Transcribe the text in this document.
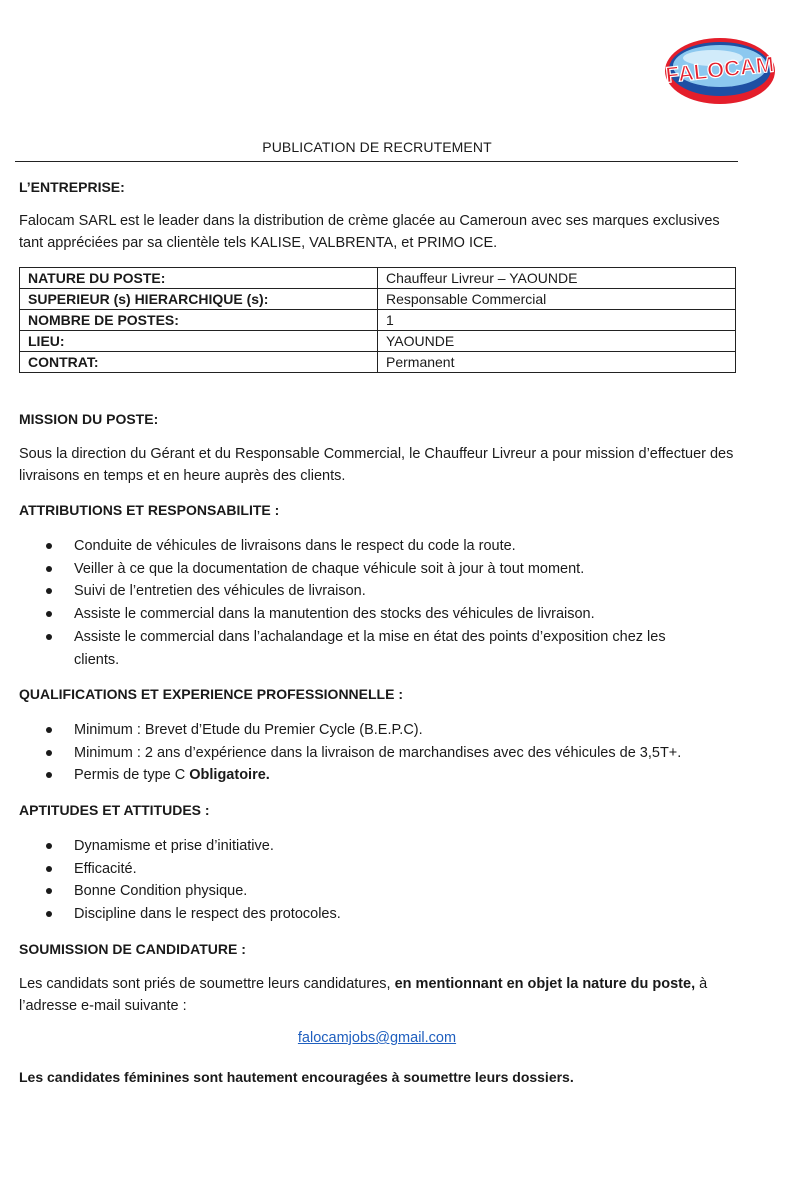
FALOCAM
PUBLICATION DE RECRUTEMENT
L’ENTREPRISE:
Falocam SARL est le leader dans la distribution de crème glacée au Cameroun avec ses marques exclusives tant appréciées par sa clientèle tels KALISE, VALBRENTA, et PRIMO ICE.
NATURE DU POSTE:	Chauffeur Livreur – YAOUNDE
SUPERIEUR (s) HIERARCHIQUE (s):	Responsable Commercial
NOMBRE DE POSTES:	1
LIEU:	YAOUNDE
CONTRAT:	Permanent
MISSION DU POSTE:
Sous la direction du Gérant et du Responsable Commercial, le Chauffeur Livreur a pour mission d’effectuer des livraisons en temps et en heure auprès des clients.
ATTRIBUTIONS ET RESPONSABILITE :
Conduite de véhicules de livraisons dans le respect du code la route.
Veiller à ce que la documentation de chaque véhicule soit à jour à tout moment.
Suivi de l’entretien des véhicules de livraison.
Assiste le commercial dans la manutention des stocks des véhicules de livraison.
Assiste le commercial dans l’achalandage et la mise en état des points d’exposition chez les clients.
QUALIFICATIONS ET EXPERIENCE PROFESSIONNELLE :
Minimum : Brevet d’Etude du Premier Cycle (B.E.P.C).
Minimum : 2 ans d’expérience dans la livraison de marchandises avec des véhicules de 3,5T+.
Permis de type C Obligatoire.
APTITUDES ET ATTITUDES :
Dynamisme et prise d’initiative.
Efficacité.
Bonne Condition physique.
Discipline dans le respect des protocoles.
SOUMISSION DE CANDIDATURE :
Les candidats sont priés de soumettre leurs candidatures, en mentionnant en objet la nature du poste, à l’adresse e-mail suivante :
falocamjobs@gmail.com
Les candidates féminines sont hautement encouragées à soumettre leurs dossiers.
